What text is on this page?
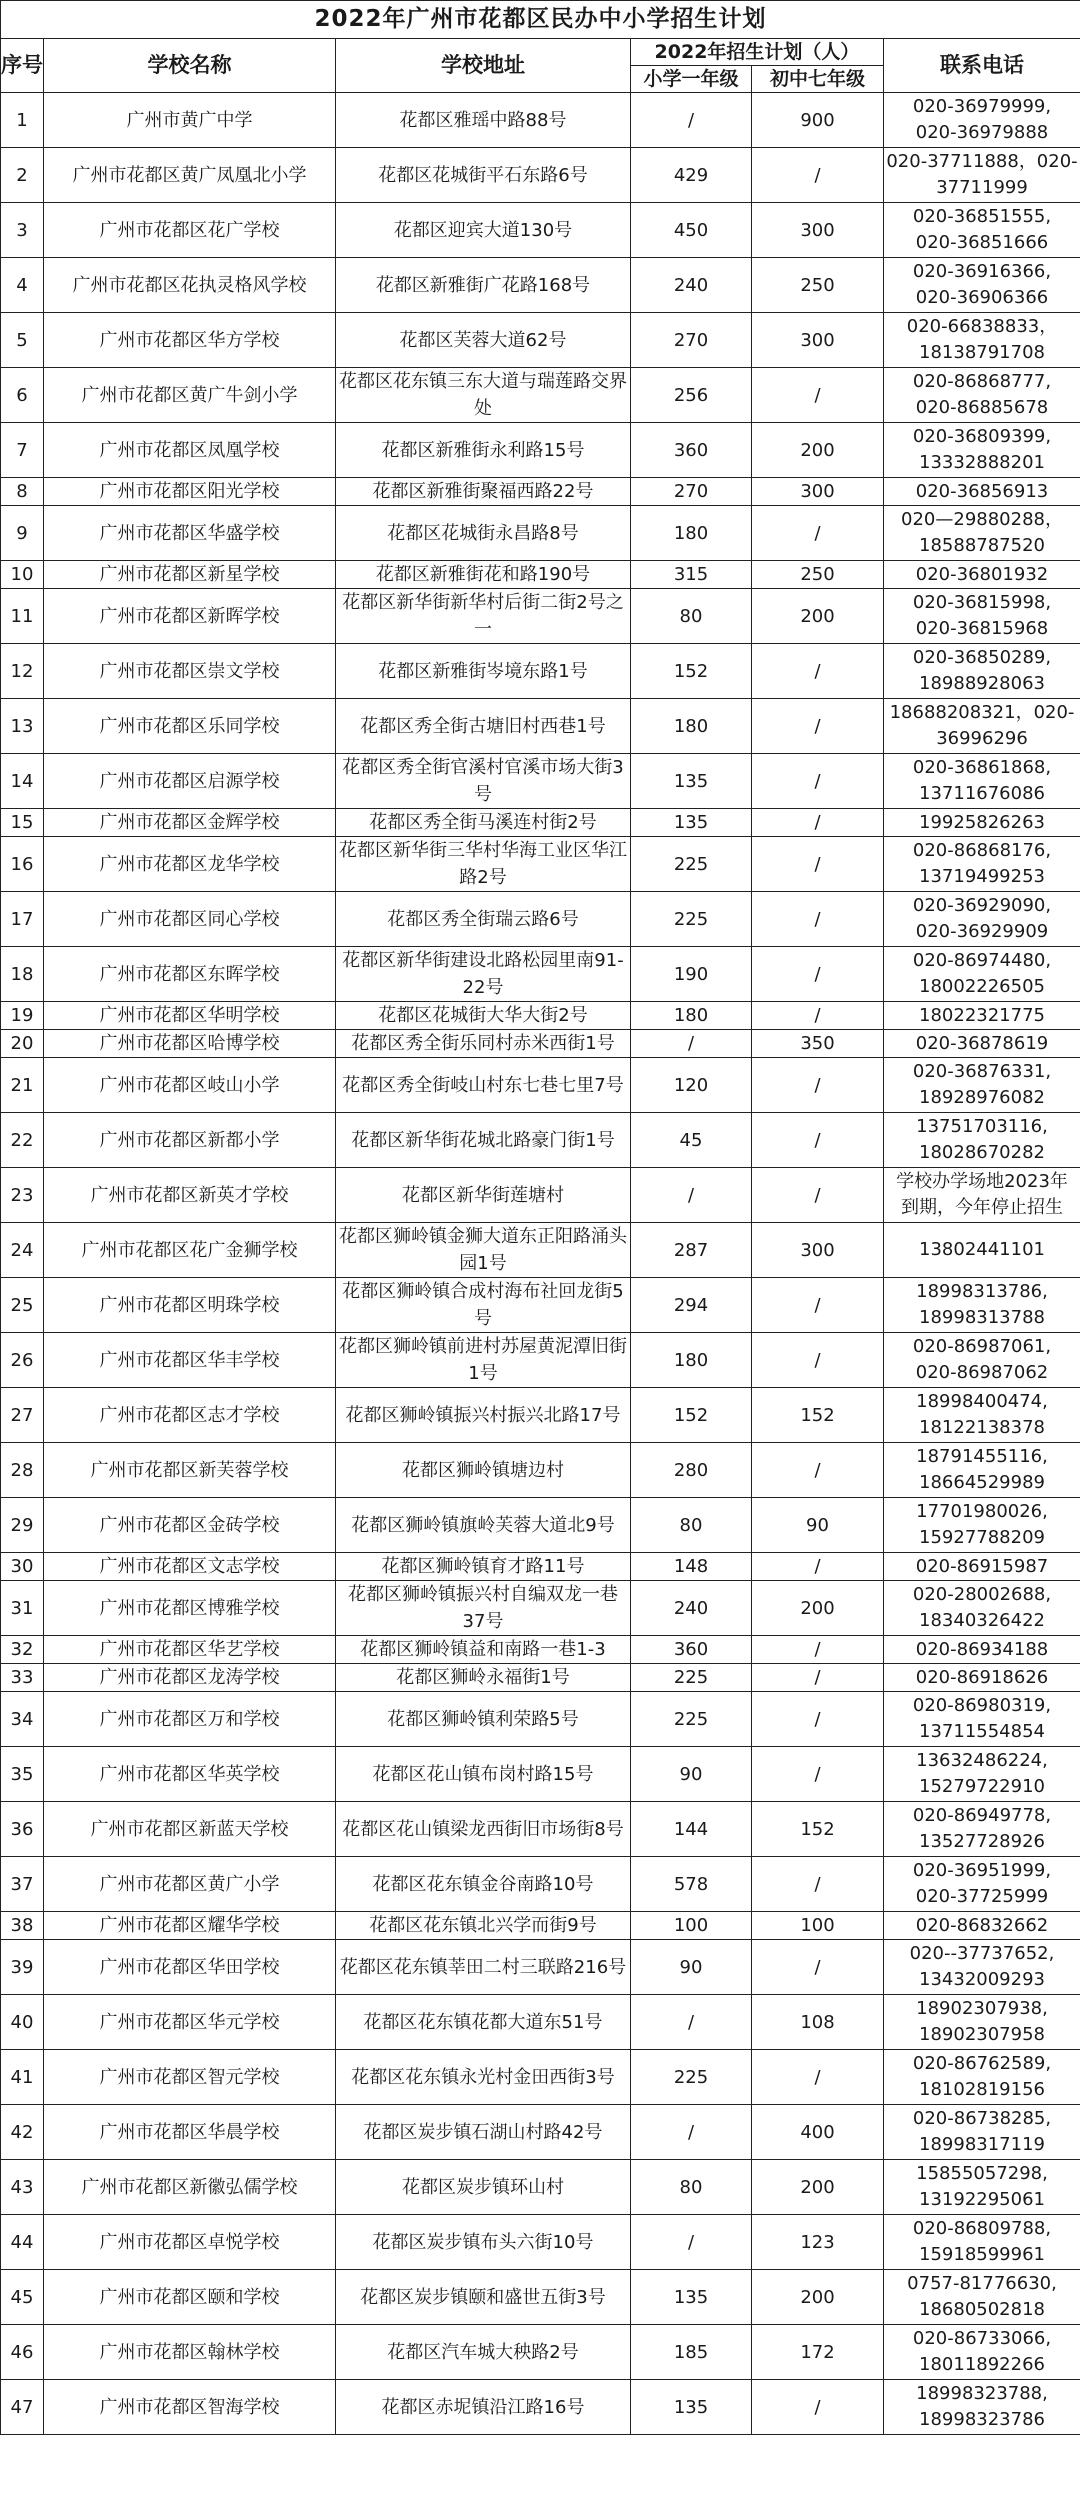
2022年广州市花都区民办中小学招生计划					
序号	学校名称	学校地址	2022年招生计划（人）		联系电话
			小学一年级	初中七年级	
1	广州市黄广中学	花都区雅瑶中路88号	/	900	020-36979999,
020-36979888

2	广州市花都区黄广凤凰北小学	花都区花城街平石东路6号	429	/	020-37711888，020-
37711999

3	广州市花都区花广学校	花都区迎宾大道130号	450	300	020-36851555,
020-36851666

4	广州市花都区花执灵格风学校	花都区新雅街广花路168号	240	250	020-36916366,
020-36906366

5	广州市花都区华方学校	花都区芙蓉大道62号	270	300	020-66838833，
18138791708

6	广州市花都区黄广牛剑小学	花都区花东镇三东大道与瑞莲路交界处	256	/	020-86868777,
020-86885678

7	广州市花都区凤凰学校	花都区新雅街永利路15号	360	200	020-36809399,
13332888201

8	广州市花都区阳光学校	花都区新雅街聚福西路22号	270	300	020-36856913

9	广州市花都区华盛学校	花都区花城街永昌路8号	180	/	020—29880288，
18588787520

10	广州市花都区新星学校	花都区新雅街花和路190号	315	250	020-36801932

11	广州市花都区新晖学校	花都区新华街新华村后街二街2号之一	80	200	020-36815998,
020-36815968

12	广州市花都区崇文学校	花都区新雅街岑境东路1号	152	/	020-36850289,
18988928063

13	广州市花都区乐同学校	花都区秀全街古塘旧村西巷1号	180	/	18688208321，020-
36996296

14	广州市花都区启源学校	花都区秀全街官溪村官溪市场大街3号	135	/	020-36861868,
13711676086

15	广州市花都区金辉学校	花都区秀全街马溪连村街2号	135	/	19925826263

16	广州市花都区龙华学校	花都区新华街三华村华海工业区华江路2号	225	/	020-86868176,
13719499253

17	广州市花都区同心学校	花都区秀全街瑞云路6号	225	/	020-36929090,
020-36929909

18	广州市花都区东晖学校	花都区新华街建设北路松园里南91-22号	190	/	020-86974480,
18002226505

19	广州市花都区华明学校	花都区花城街大华大街2号	180	/	18022321775

20	广州市花都区哈博学校	花都区秀全街乐同村赤米西街1号	/	350	020-36878619

21	广州市花都区岐山小学	花都区秀全街岐山村东七巷七里7号	120	/	020-36876331,
18928976082

22	广州市花都区新都小学	花都区新华街花城北路豪门街1号	45	/	13751703116,
18028670282

23	广州市花都区新英才学校	花都区新华街莲塘村	/	/	学校办学场地2023年
到期，今年停止招生

24	广州市花都区花广金狮学校	花都区狮岭镇金狮大道东正阳路涌头园1号	287	300	13802441101

25	广州市花都区明珠学校	花都区狮岭镇合成村海布社回龙街5号	294	/	18998313786,
18998313788

26	广州市花都区华丰学校	花都区狮岭镇前进村苏屋黄泥潭旧街1号	180	/	020-86987061,
020-86987062

27	广州市花都区志才学校	花都区狮岭镇振兴村振兴北路17号	152	152	18998400474,
18122138378

28	广州市花都区新芙蓉学校	花都区狮岭镇塘边村	280	/	18791455116,
18664529989

29	广州市花都区金砖学校	花都区狮岭镇旗岭芙蓉大道北9号	80	90	17701980026,
15927788209

30	广州市花都区文志学校	花都区狮岭镇育才路11号	148	/	020-86915987

31	广州市花都区博雅学校	花都区狮岭镇振兴村自编双龙一巷37号	240	200	020-28002688,
18340326422

32	广州市花都区华艺学校	花都区狮岭镇益和南路一巷1-3	360	/	020-86934188

33	广州市花都区龙涛学校	花都区狮岭永福街1号	225	/	020-86918626

34	广州市花都区万和学校	花都区狮岭镇利荣路5号	225	/	020-86980319,
13711554854

35	广州市花都区华英学校	花都区花山镇布岗村路15号	90	/	13632486224,
15279722910

36	广州市花都区新蓝天学校	花都区花山镇梁龙西街旧市场街8号	144	152	020-86949778,
13527728926

37	广州市花都区黄广小学	花都区花东镇金谷南路10号	578	/	020-36951999,
020-37725999

38	广州市花都区耀华学校	花都区花东镇北兴学而街9号	100	100	020-86832662

39	广州市花都区华田学校	花都区花东镇莘田二村三联路216号	90	/	020--37737652,
13432009293

40	广州市花都区华元学校	花都区花东镇花都大道东51号	/	108	18902307938,
18902307958

41	广州市花都区智元学校	花都区花东镇永光村金田西街3号	225	/	020-86762589,
18102819156

42	广州市花都区华晨学校	花都区炭步镇石湖山村路42号	/	400	020-86738285,
18998317119

43	广州市花都区新徽弘儒学校	花都区炭步镇环山村	80	200	15855057298,
13192295061

44	广州市花都区卓悦学校	花都区炭步镇布头六街10号	/	123	020-86809788,
15918599961

45	广州市花都区颐和学校	花都区炭步镇颐和盛世五街3号	135	200	0757-81776630,
18680502818

46	广州市花都区翰林学校	花都区汽车城大秧路2号	185	172	020-86733066,
18011892266

47	广州市花都区智海学校	花都区赤坭镇沿江路16号	135	/	18998323788,
18998323786
